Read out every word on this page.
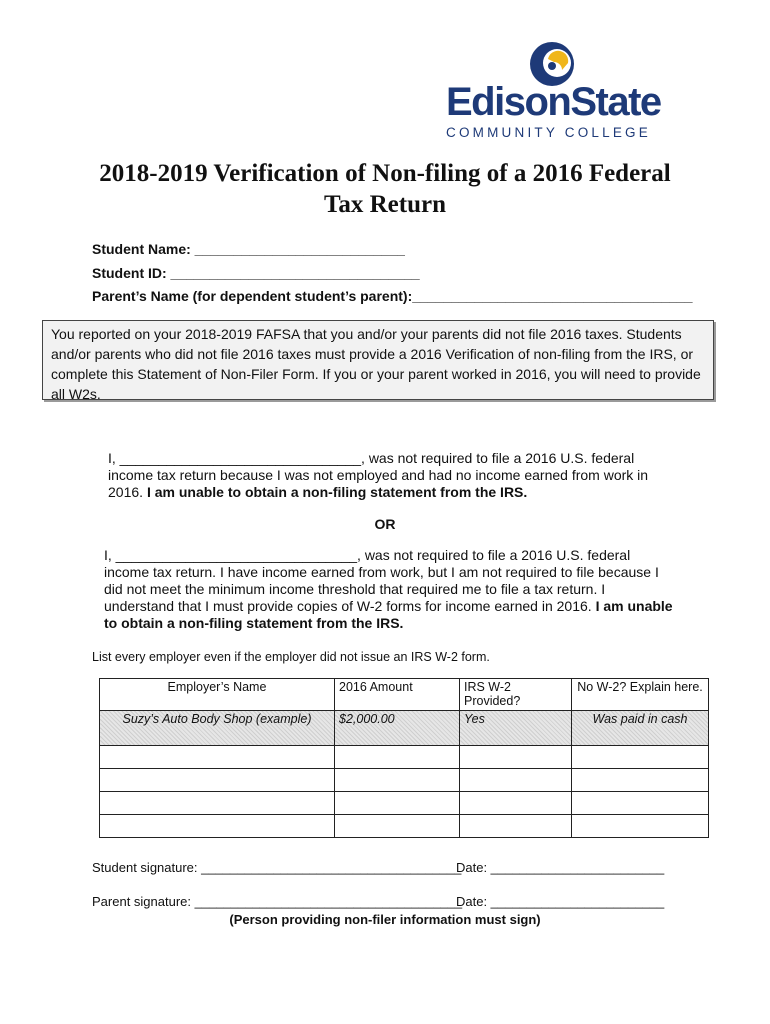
EdisonState
COMMUNITY COLLEGE
2018-2019 Verification of Non-filing of a 2016 Federal
Tax Return
Student Name: ___________________________
Student ID: ________________________________
Parent’s Name (for dependent student’s parent):____________________________________
You reported on your 2018-2019 FAFSA that you and/or your parents did not file 2016 taxes. Students and/or parents who did not file 2016 taxes must provide a 2016 Verification of non-filing from the IRS, or complete this Statement of Non-Filer Form. If you or your parent worked in 2016, you will need to provide all W2s.
I, _______________________________, was not required to file a 2016 U.S. federal income tax return because I was not employed and had no income earned from work in 2016. I am unable to obtain a non-filing statement from the IRS.
OR
I, _______________________________, was not required to file a 2016 U.S. federal income tax return. I have income earned from work, but I am not required to file because I did not meet the minimum income threshold that required me to file a tax return. I understand that I must provide copies of W-2 forms for income earned in 2016. I am unable to obtain a non-filing statement from the IRS.
List every employer even if the employer did not issue an IRS W-2 form.
Employer’s Name	2016 Amount	IRS W-2 Provided?	No W-2? Explain here.
Suzy’s Auto Body Shop (example)	$2,000.00	Yes	Was paid in cash

Student signature: ____________________________________
Date: ________________________
Parent signature: _____________________________________
Date: ________________________
(Person providing non-filer information must sign)
